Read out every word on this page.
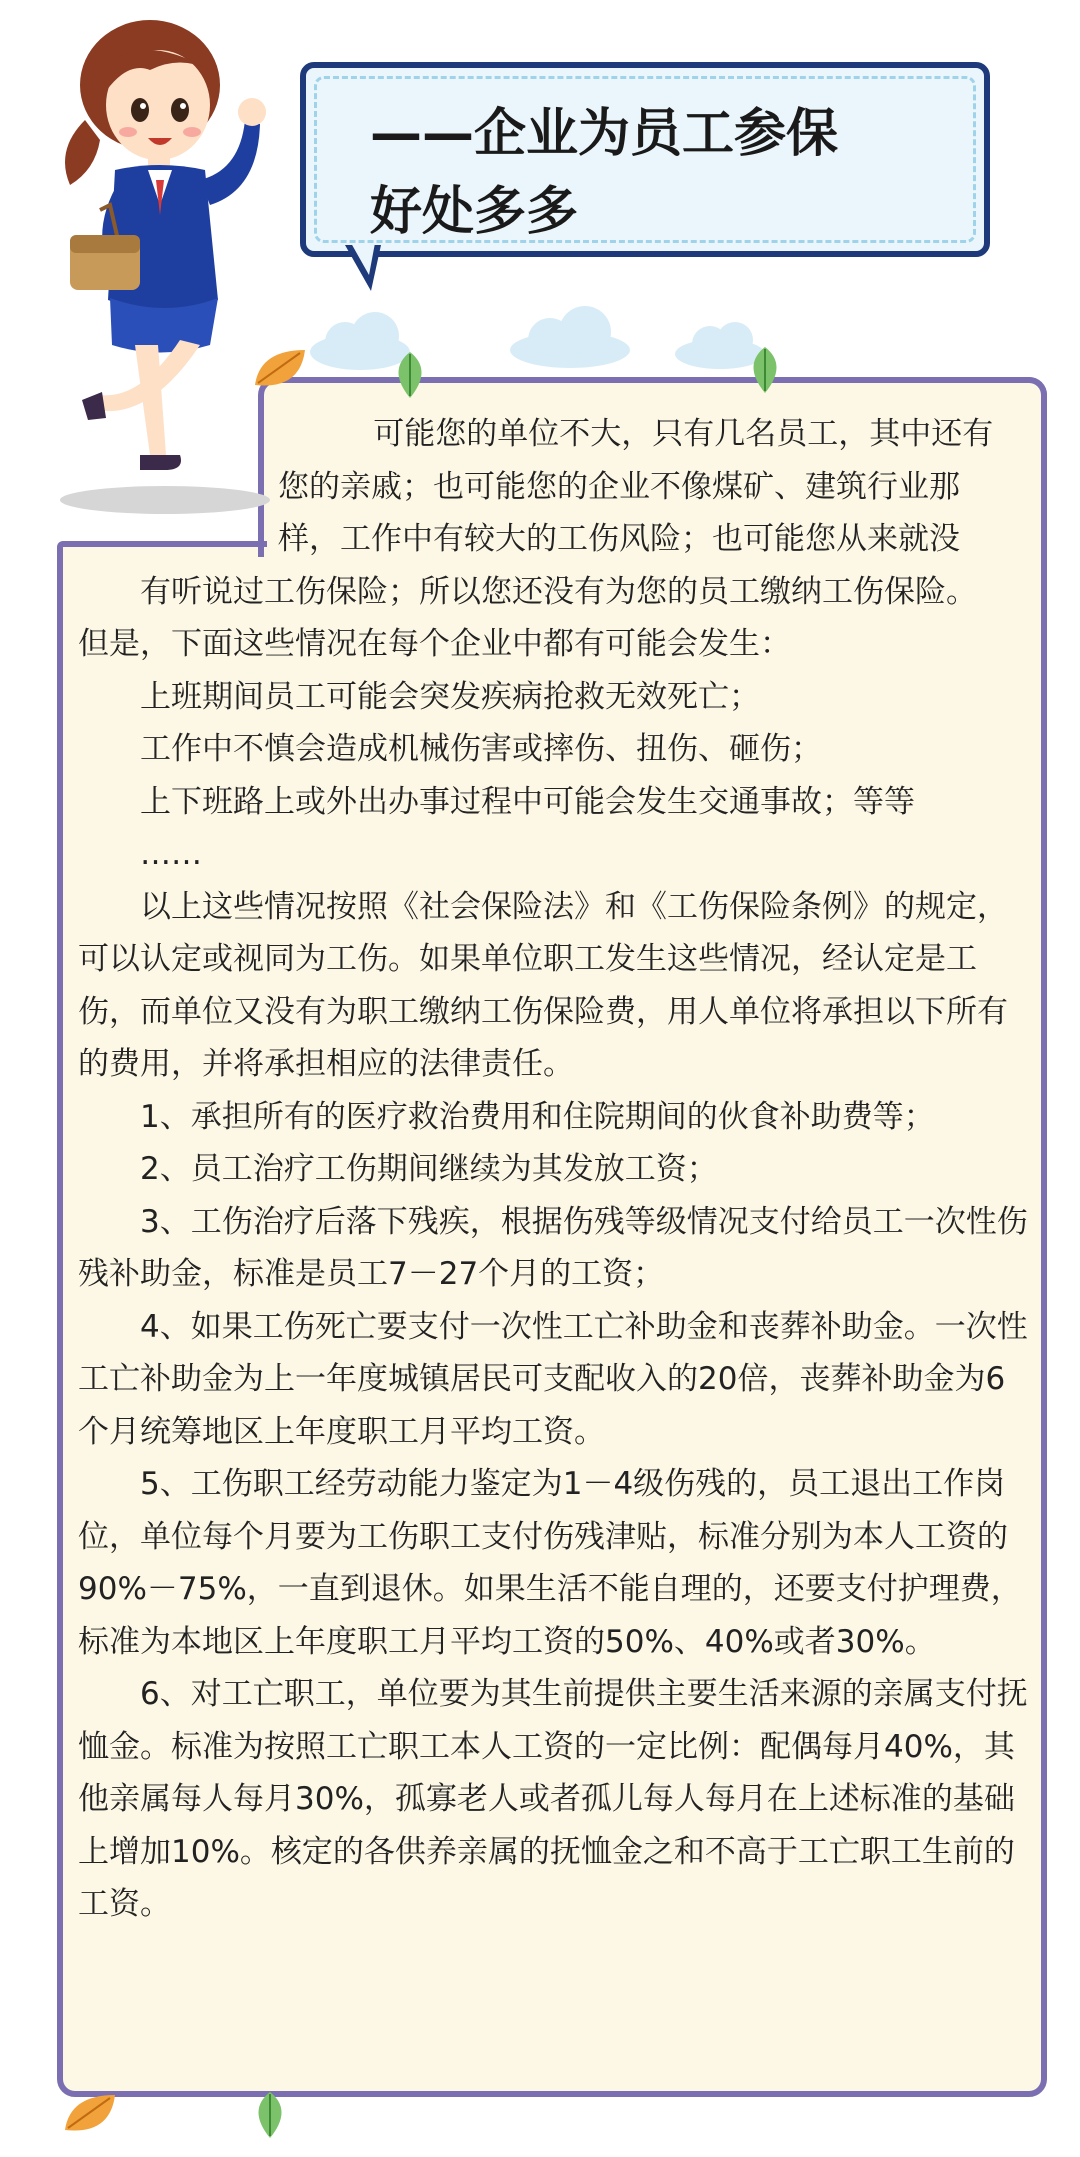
——企业为员工参保
好处多多

可能您的单位不大，只有几名员工，其中还有

您的亲戚；也可能您的企业不像煤矿、建筑行业那

样，工作中有较大的工伤风险；也可能您从来就没

有听说过工伤保险；所以您还没有为您的员工缴纳工伤保险。

但是，下面这些情况在每个企业中都有可能会发生：

上班期间员工可能会突发疾病抢救无效死亡；

工作中不慎会造成机械伤害或摔伤、扭伤、砸伤；

上下班路上或外出办事过程中可能会发生交通事故；等等

……

以上这些情况按照《社会保险法》和《工伤保险条例》的规定，可以认定或视同为工伤。如果单位职工发生这些情况，经认定是工伤，而单位又没有为职工缴纳工伤保险费，用人单位将承担以下所有的费用，并将承担相应的法律责任。

1、承担所有的医疗救治费用和住院期间的伙食补助费等；

2、员工治疗工伤期间继续为其发放工资；

3、工伤治疗后落下残疾，根据伤残等级情况支付给员工一次性伤残补助金，标准是员工7－27个月的工资；

4、如果工伤死亡要支付一次性工亡补助金和丧葬补助金。一次性工亡补助金为上一年度城镇居民可支配收入的20倍，丧葬补助金为6个月统筹地区上年度职工月平均工资。

5、工伤职工经劳动能力鉴定为1－4级伤残的，员工退出工作岗位，单位每个月要为工伤职工支付伤残津贴，标准分别为本人工资的90%－75%，一直到退休。如果生活不能自理的，还要支付护理费，标准为本地区上年度职工月平均工资的50%、40%或者30%。

6、对工亡职工，单位要为其生前提供主要生活来源的亲属支付抚恤金。标准为按照工亡职工本人工资的一定比例：配偶每月40%，其他亲属每人每月30%，孤寡老人或者孤儿每人每月在上述标准的基础上增加10%。核定的各供养亲属的抚恤金之和不高于工亡职工生前的工资。
